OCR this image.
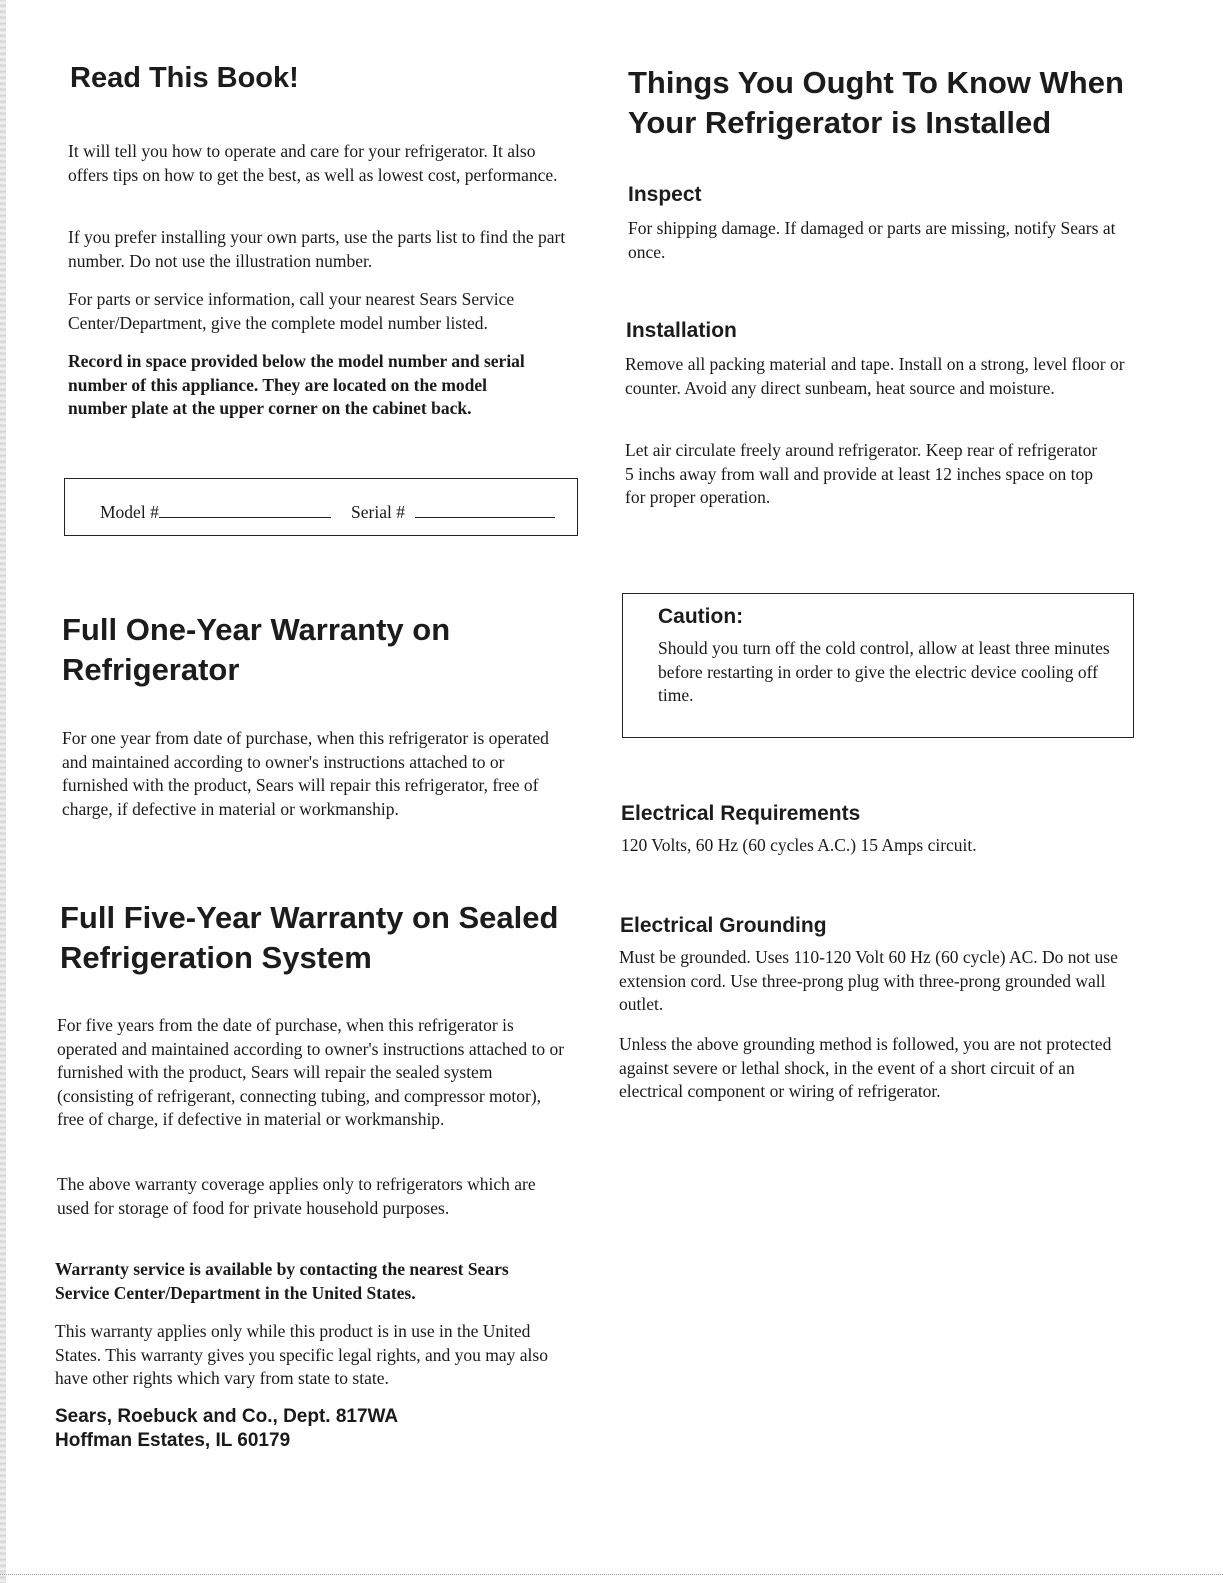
Read This Book!

It will tell you how to operate and care for your refrigerator. It also offers tips on how to get the best, as well as lowest cost, performance.

If you prefer installing your own parts, use the parts list to find the part number. Do not use the illustration number.

For parts or service information, call your nearest Sears Service Center/Department, give the complete model number listed.

Record in space provided below the model number and serial number of this appliance. They are located on the model number plate at the upper corner on the cabinet back.

Model #	Serial #
Full One-Year Warranty on
Refrigerator

For one year from date of purchase, when this refrigerator is operated and maintained according to owner's instructions attached to or furnished with the product, Sears will repair this refrigerator, free of charge, if defective in material or workmanship.

Full Five-Year Warranty on Sealed
Refrigeration System

For five years from the date of purchase, when this refrigerator is operated and maintained according to owner's instructions attached to or furnished with the product, Sears will repair the sealed system (consisting of refrigerant, connecting tubing, and compressor motor), free of charge, if defective in material or workmanship.

The above warranty coverage applies only to refrigerators which are used for storage of food for private household purposes.

Warranty service is available by contacting the nearest Sears Service Center/Department in the United States.

This warranty applies only while this product is in use in the United States. This warranty gives you specific legal rights, and you may also have other rights which vary from state to state.

Sears, Roebuck and Co., Dept. 817WA
Hoffman Estates, IL 60179
Things You Ought To Know When
Your Refrigerator is Installed
Inspect

For shipping damage. If damaged or parts are missing, notify Sears at once.

Installation

Remove all packing material and tape. Install on a strong, level floor or counter. Avoid any direct sunbeam, heat source and moisture.

Let air circulate freely around refrigerator. Keep rear of refrigerator 5 inchs away from wall and provide at least 12 inches space on top for proper operation.

Caution:

Should you turn off the cold control, allow at least three minutes before restarting in order to give the electric device cooling off time.

Electrical Requirements

120 Volts, 60 Hz (60 cycles A.C.) 15 Amps circuit.

Electrical Grounding

Must be grounded. Uses 110-120 Volt 60 Hz (60 cycle) AC. Do not use extension cord. Use three-prong plug with three-prong grounded wall outlet.

Unless the above grounding method is followed, you are not protected against severe or lethal shock, in the event of a short circuit of an electrical component or wiring of refrigerator.
